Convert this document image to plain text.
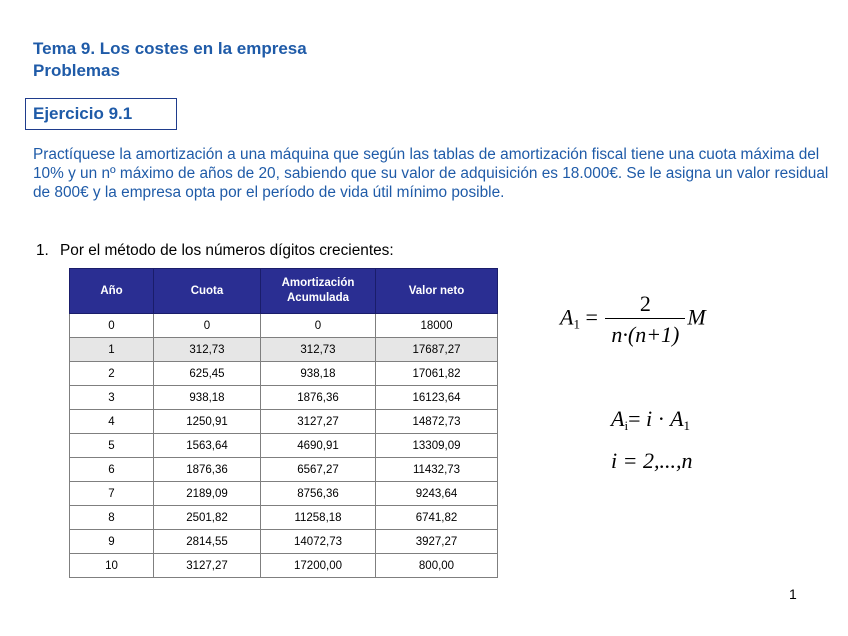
Tema 9. Los costes en la empresa
Problemas
Ejercicio 9.1
Practíquese la amortización a una máquina que según las tablas de amortización fiscal tiene una cuota máxima del 10% y un nº máximo de años de 20, sabiendo que su valor de adquisición es 18.000€. Se le asigna un valor residual de 800€ y la empresa opta por el período de vida útil mínimo posible.
1. Por el método de los números dígitos crecientes:
Año	Cuota	Amortización Acumulada	Valor neto
0	0	0	18000
1	312,73	312,73	17687,27
2	625,45	938,18	17061,82
3	938,18	1876,36	16123,64
4	1250,91	3127,27	14872,73
5	1563,64	4690,91	13309,09
6	1876,36	6567,27	11432,73
7	2189,09	8756,36	9243,64
8	2501,82	11258,18	6741,82
9	2814,55	14072,73	3927,27
10	3127,27	17200,00	800,00
$A_1 = \frac{2}{n\cdot(n+1)}$ M
$A_i= i \cdot A_1$
i = 2,...,n
1
